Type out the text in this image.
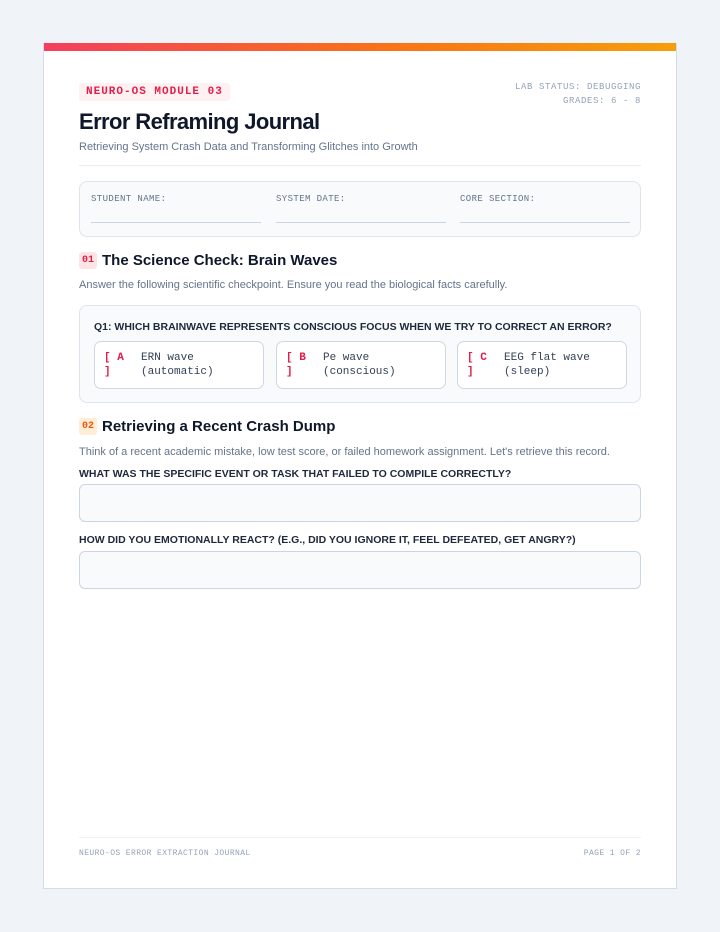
NEURO-OS MODULE 03	LAB STATUS: DEBUGGING
GRADES: 6 - 8
Error Reframing Journal
Retrieving System Crash Data and Transforming Glitches into Growth
STUDENT NAME:	SYSTEM DATE:	CORE SECTION:
01 The Science Check: Brain Waves
Answer the following scientific checkpoint. Ensure you read the biological facts carefully.
Q1: WHICH BRAINWAVE REPRESENTS CONSCIOUS FOCUS WHEN WE TRY TO CORRECT AN ERROR?
[ A ]
ERN wave (automatic)
[ B ]
Pe wave (conscious)
[ C ]
EEG flat wave (sleep)
02 Retrieving a Recent Crash Dump
Think of a recent academic mistake, low test score, or failed homework assignment. Let's retrieve this record.
WHAT WAS THE SPECIFIC EVENT OR TASK THAT FAILED TO COMPILE CORRECTLY?
HOW DID YOU EMOTIONALLY REACT? (E.G., DID YOU IGNORE IT, FEEL DEFEATED, GET ANGRY?)
NEURO-OS ERROR EXTRACTION JOURNAL	PAGE 1 OF 2
